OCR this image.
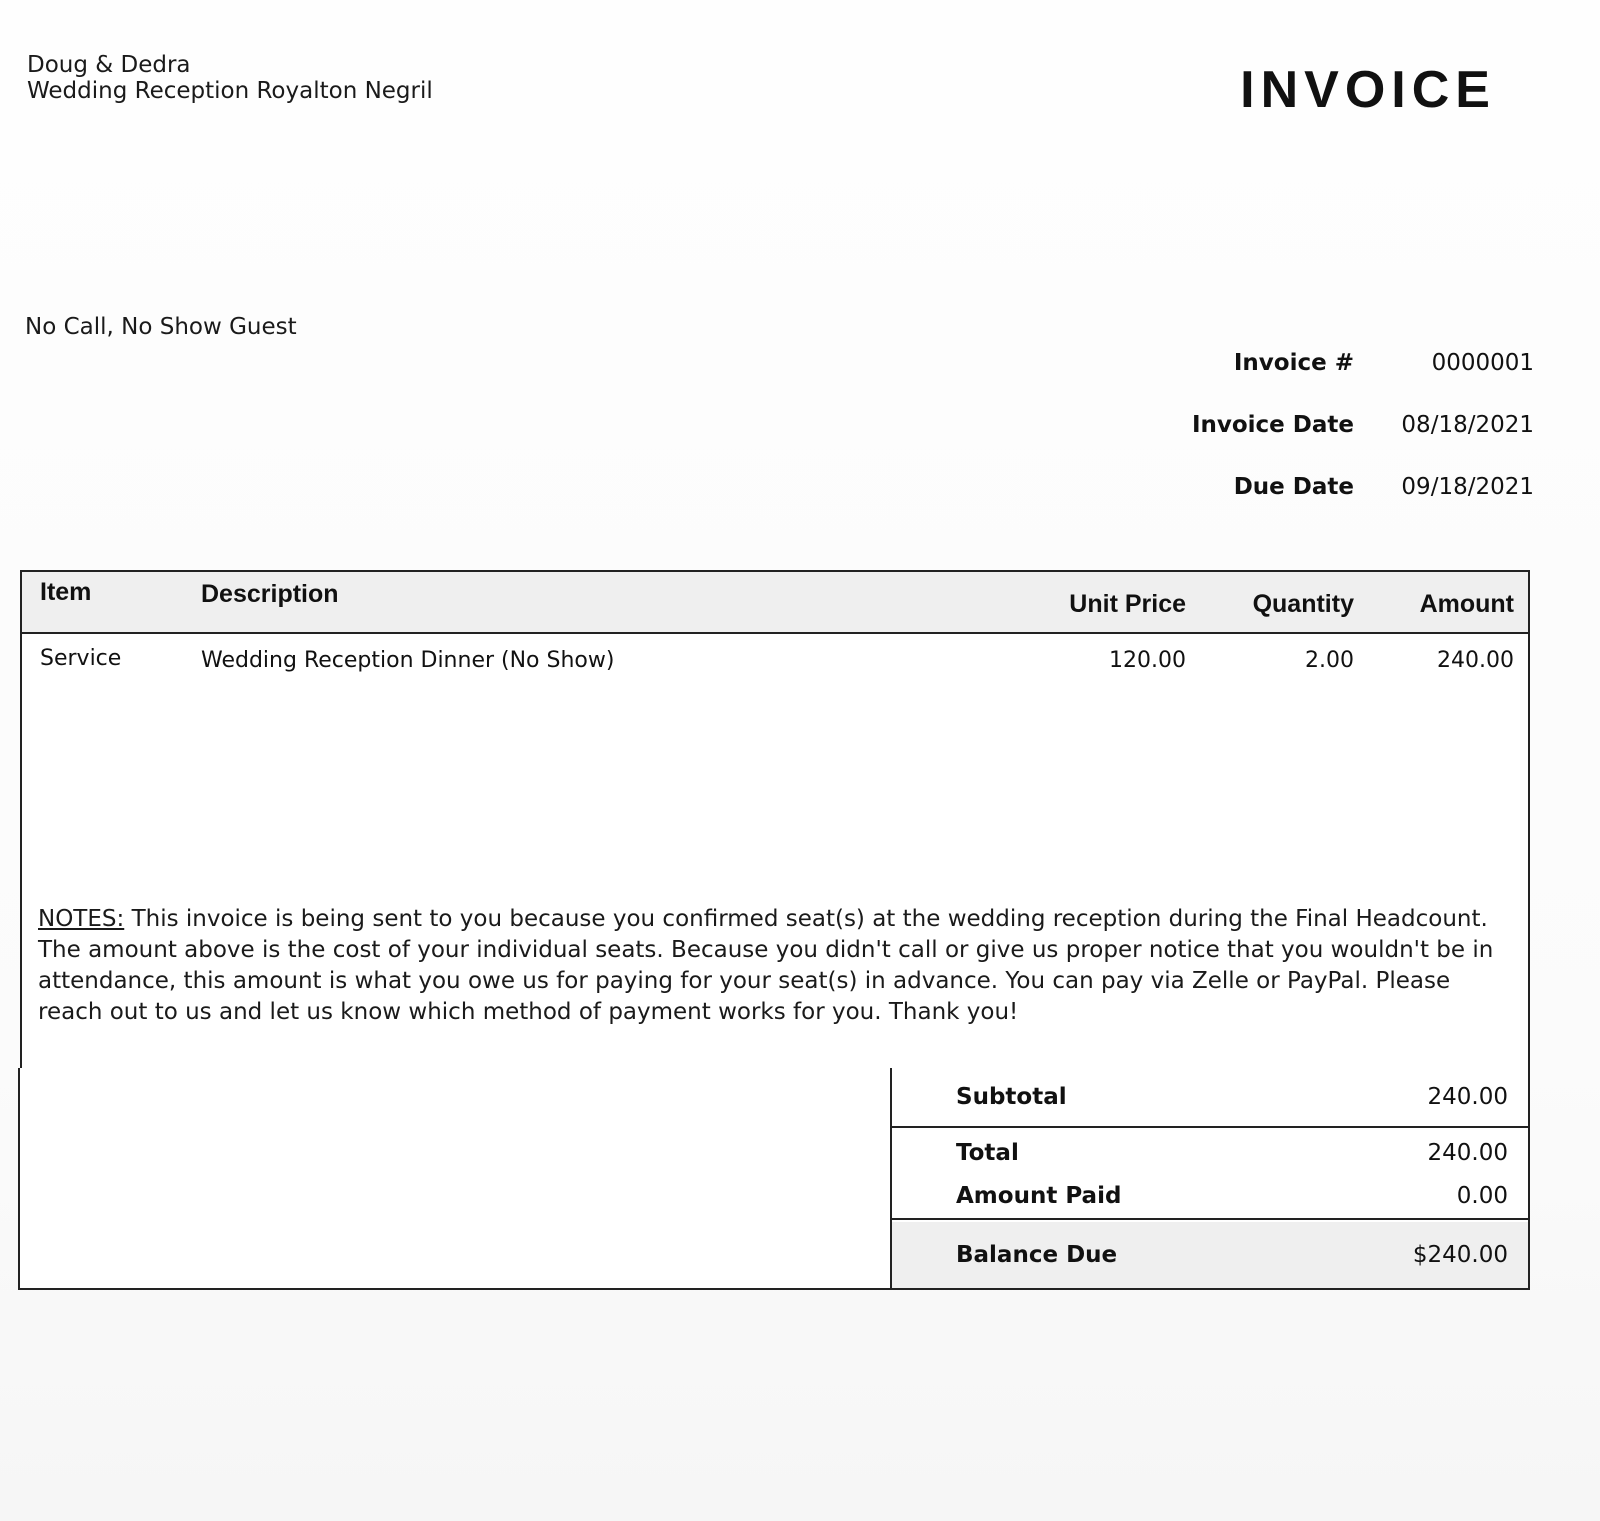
Doug & Dedra
Wedding Reception Royalton Negril	INVOICE
No Call, No Show Guest
Invoice #	0000001
Invoice Date	08/18/2021
Due Date	09/18/2021
Item	Description	Unit Price	Quantity	Amount
Service	Wedding Reception Dinner (No Show)	120.00	2.00	240.00
NOTES: This invoice is being sent to you because you confirmed seat(s) at the wedding reception during the Final Headcount. The amount above is the cost of your individual seats. Because you didn't call or give us proper notice that you wouldn't be in attendance, this amount is what you owe us for paying for your seat(s) in advance. You can pay via Zelle or PayPal. Please reach out to us and let us know which method of payment works for you. Thank you!
Subtotal	240.00
Total	240.00
Amount Paid	0.00
Balance Due	$240.00
